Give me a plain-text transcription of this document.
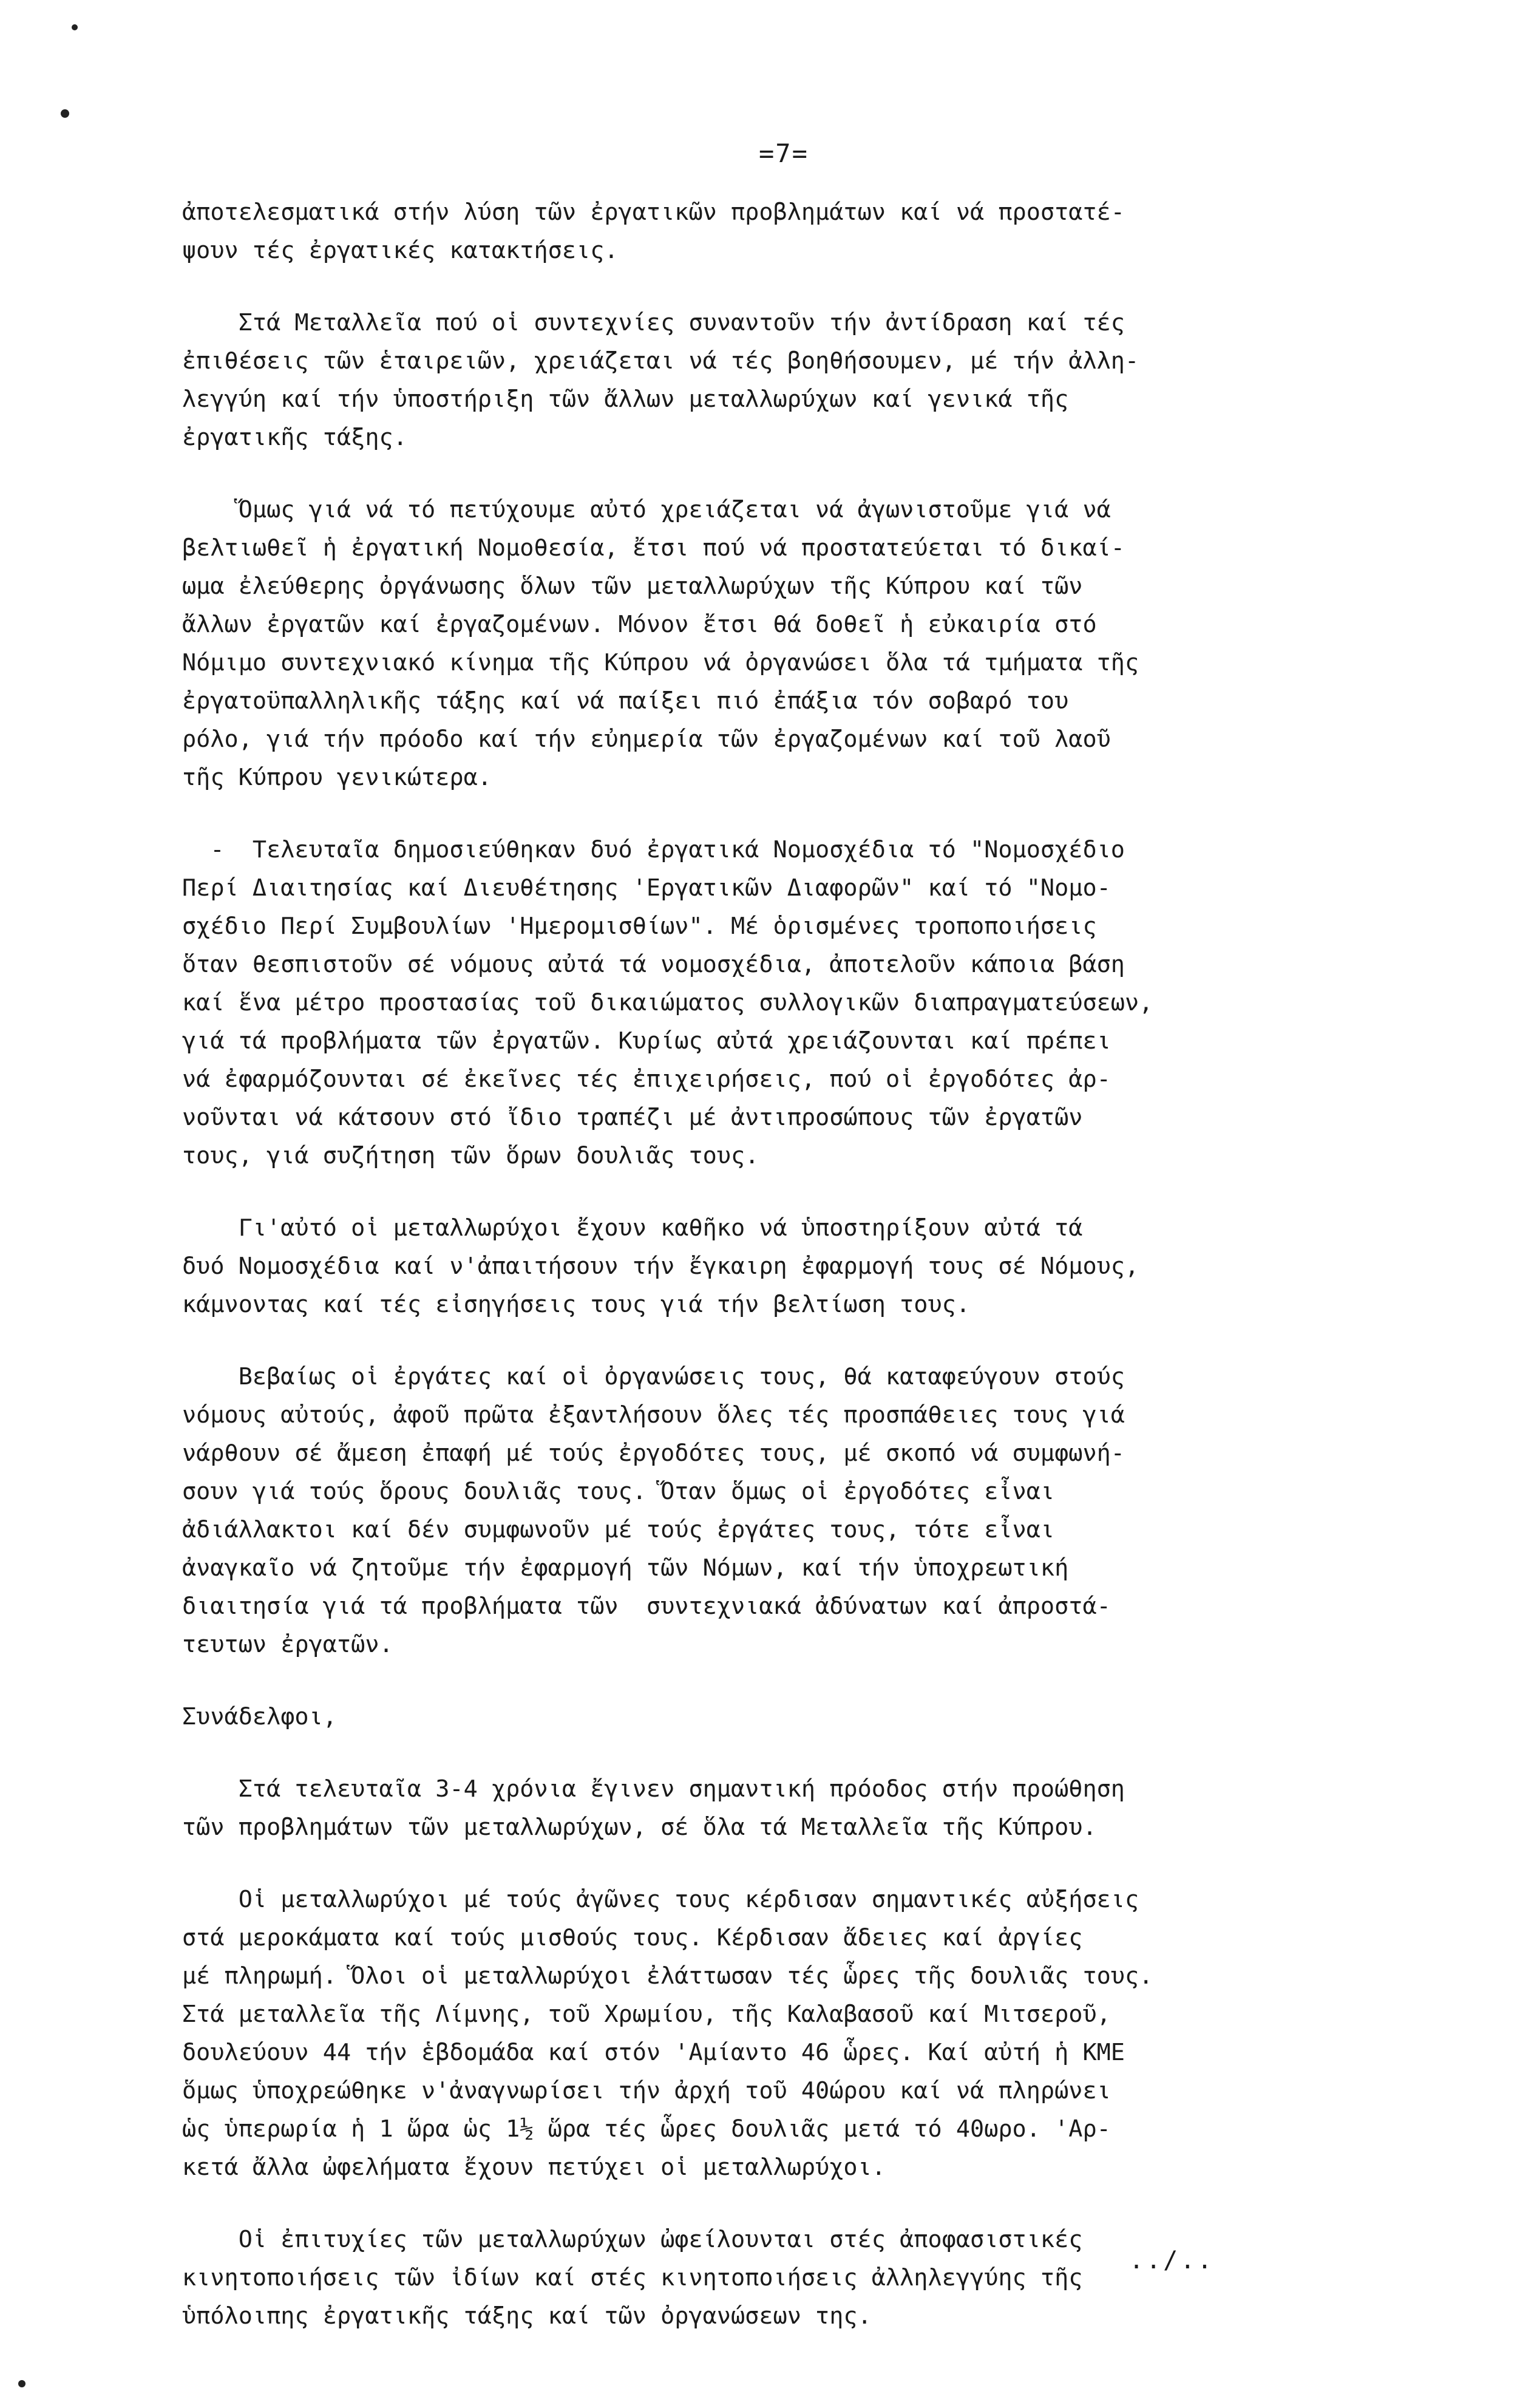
=7=

ἀποτελεσματικά στήν λύση τῶν ἐργατικῶν προβλημάτων καί νά προστατέ-
ψουν τές ἐργατικές κατακτήσεις.

Στά Μεταλλεῖα πού οἱ συντεχνίες συναντοῦν τήν ἀντίδραση καί τές
ἐπιθέσεις τῶν ἑταιρειῶν, χρειάζεται νά τές βοηθήσουμεν, μέ τήν ἀλλη-
λεγγύη καί τήν ὑποστήριξη τῶν ἄλλων μεταλλωρύχων καί γενικά τῆς
ἐργατικῆς τάξης.

Ὅμως γιά νά τό πετύχουμε αὐτό χρειάζεται νά ἀγωνιστοῦμε γιά νά
βελτιωθεῖ ἡ ἐργατική Νομοθεσία, ἔτσι πού νά προστατεύεται τό δικαί-
ωμα ἐλεύθερης ὀργάνωσης ὅλων τῶν μεταλλωρύχων τῆς Κύπρου καί τῶν
ἄλλων ἐργατῶν καί ἐργαζομένων. Μόνον ἔτσι θά δοθεῖ ἡ εὐκαιρία στό
Νόμιμο συντεχνιακό κίνημα τῆς Κύπρου νά ὀργανώσει ὅλα τά τμήματα τῆς
ἐργατοϋπαλληλικῆς τάξης καί νά παίξει πιό ἐπάξια τόν σοβαρό του
ρόλο, γιά τήν πρόοδο καί τήν εὐημερία τῶν ἐργαζομένων καί τοῦ λαοῦ
τῆς Κύπρου γενικώτερα.

-  Τελευταῖα δημοσιεύθηκαν δυό ἐργατικά Νομοσχέδια τό "Νομοσχέδιο
Περί Διαιτησίας καί Διευθέτησης 'Εργατικῶν Διαφορῶν" καί τό "Νομο-
σχέδιο Περί Συμβουλίων 'Ημερομισθίων". Μέ ὁρισμένες τροποποιήσεις
ὅταν θεσπιστοῦν σέ νόμους αὐτά τά νομοσχέδια, ἀποτελοῦν κάποια βάση
καί ἕνα μέτρο προστασίας τοῦ δικαιώματος συλλογικῶν διαπραγματεύσεων,
γιά τά προβλήματα τῶν ἐργατῶν. Κυρίως αὐτά χρειάζουνται καί πρέπει
νά ἐφαρμόζουνται σέ ἐκεῖνες τές ἐπιχειρήσεις, πού οἱ ἐργοδότες ἀρ-
νοῦνται νά κάτσουν στό ἴδιο τραπέζι μέ ἀντιπροσώπους τῶν ἐργατῶν
τους, γιά συζήτηση τῶν ὅρων δουλιᾶς τους.

Γι'αὐτό οἱ μεταλλωρύχοι ἔχουν καθῆκο νά ὑποστηρίξουν αὐτά τά
δυό Νομοσχέδια καί ν'ἀπαιτήσουν τήν ἔγκαιρη ἐφαρμογή τους σέ Νόμους,
κάμνοντας καί τές εἰσηγήσεις τους γιά τήν βελτίωση τους.

Βεβαίως οἱ ἐργάτες καί οἱ ὀργανώσεις τους, θά καταφεύγουν στούς
νόμους αὐτούς, ἀφοῦ πρῶτα ἐξαντλήσουν ὅλες τές προσπάθειες τους γιά
νάρθουν σέ ἄμεση ἐπαφή μέ τούς ἐργοδότες τους, μέ σκοπό νά συμφωνή-
σουν γιά τούς ὅρους δουλιᾶς τους. Ὅταν ὅμως οἱ ἐργοδότες εἶναι
ἀδιάλλακτοι καί δέν συμφωνοῦν μέ τούς ἐργάτες τους, τότε εἶναι
ἀναγκαῖο νά ζητοῦμε τήν ἐφαρμογή τῶν Νόμων, καί τήν ὑποχρεωτική
διαιτησία γιά τά προβλήματα τῶν  συντεχνιακά ἀδύνατων καί ἀπροστά-
τευτων ἐργατῶν.

Συνάδελφοι,

Στά τελευταῖα 3-4 χρόνια ἔγινεν σημαντική πρόοδος στήν προώθηση
τῶν προβλημάτων τῶν μεταλλωρύχων, σέ ὅλα τά Μεταλλεῖα τῆς Κύπρου.

Οἱ μεταλλωρύχοι μέ τούς ἀγῶνες τους κέρδισαν σημαντικές αὐξήσεις
στά μεροκάματα καί τούς μισθούς τους. Κέρδισαν ἄδειες καί ἀργίες
μέ πληρωμή. Ὅλοι οἱ μεταλλωρύχοι ἐλάττωσαν τές ὧρες τῆς δουλιᾶς τους.
Στά μεταλλεῖα τῆς Λίμνης, τοῦ Χρωμίου, τῆς Καλαβασοῦ καί Μιτσεροῦ,
δουλεύουν 44 τήν ἑβδομάδα καί στόν 'Αμίαντο 46 ὧρες. Καί αὐτή ἡ ΚΜΕ
ὅμως ὑποχρεώθηκε ν'ἀναγνωρίσει τήν ἀρχή τοῦ 40ώρου καί νά πληρώνει
ὡς ὑπερωρία ἡ 1 ὥρα ὡς 1½ ὥρα τές ὧρες δουλιᾶς μετά τό 40ωρο. 'Αρ-
κετά ἄλλα ὠφελήματα ἔχουν πετύχει οἱ μεταλλωρύχοι.

Οἱ ἐπιτυχίες τῶν μεταλλωρύχων ὠφείλουνται στές ἀποφασιστικές
κινητοποιήσεις τῶν ἰδίων καί στές κινητοποιήσεις ἀλληλεγγύης τῆς
ὑπόλοιπης ἐργατικῆς τάξης καί τῶν ὀργανώσεων της.

../..
